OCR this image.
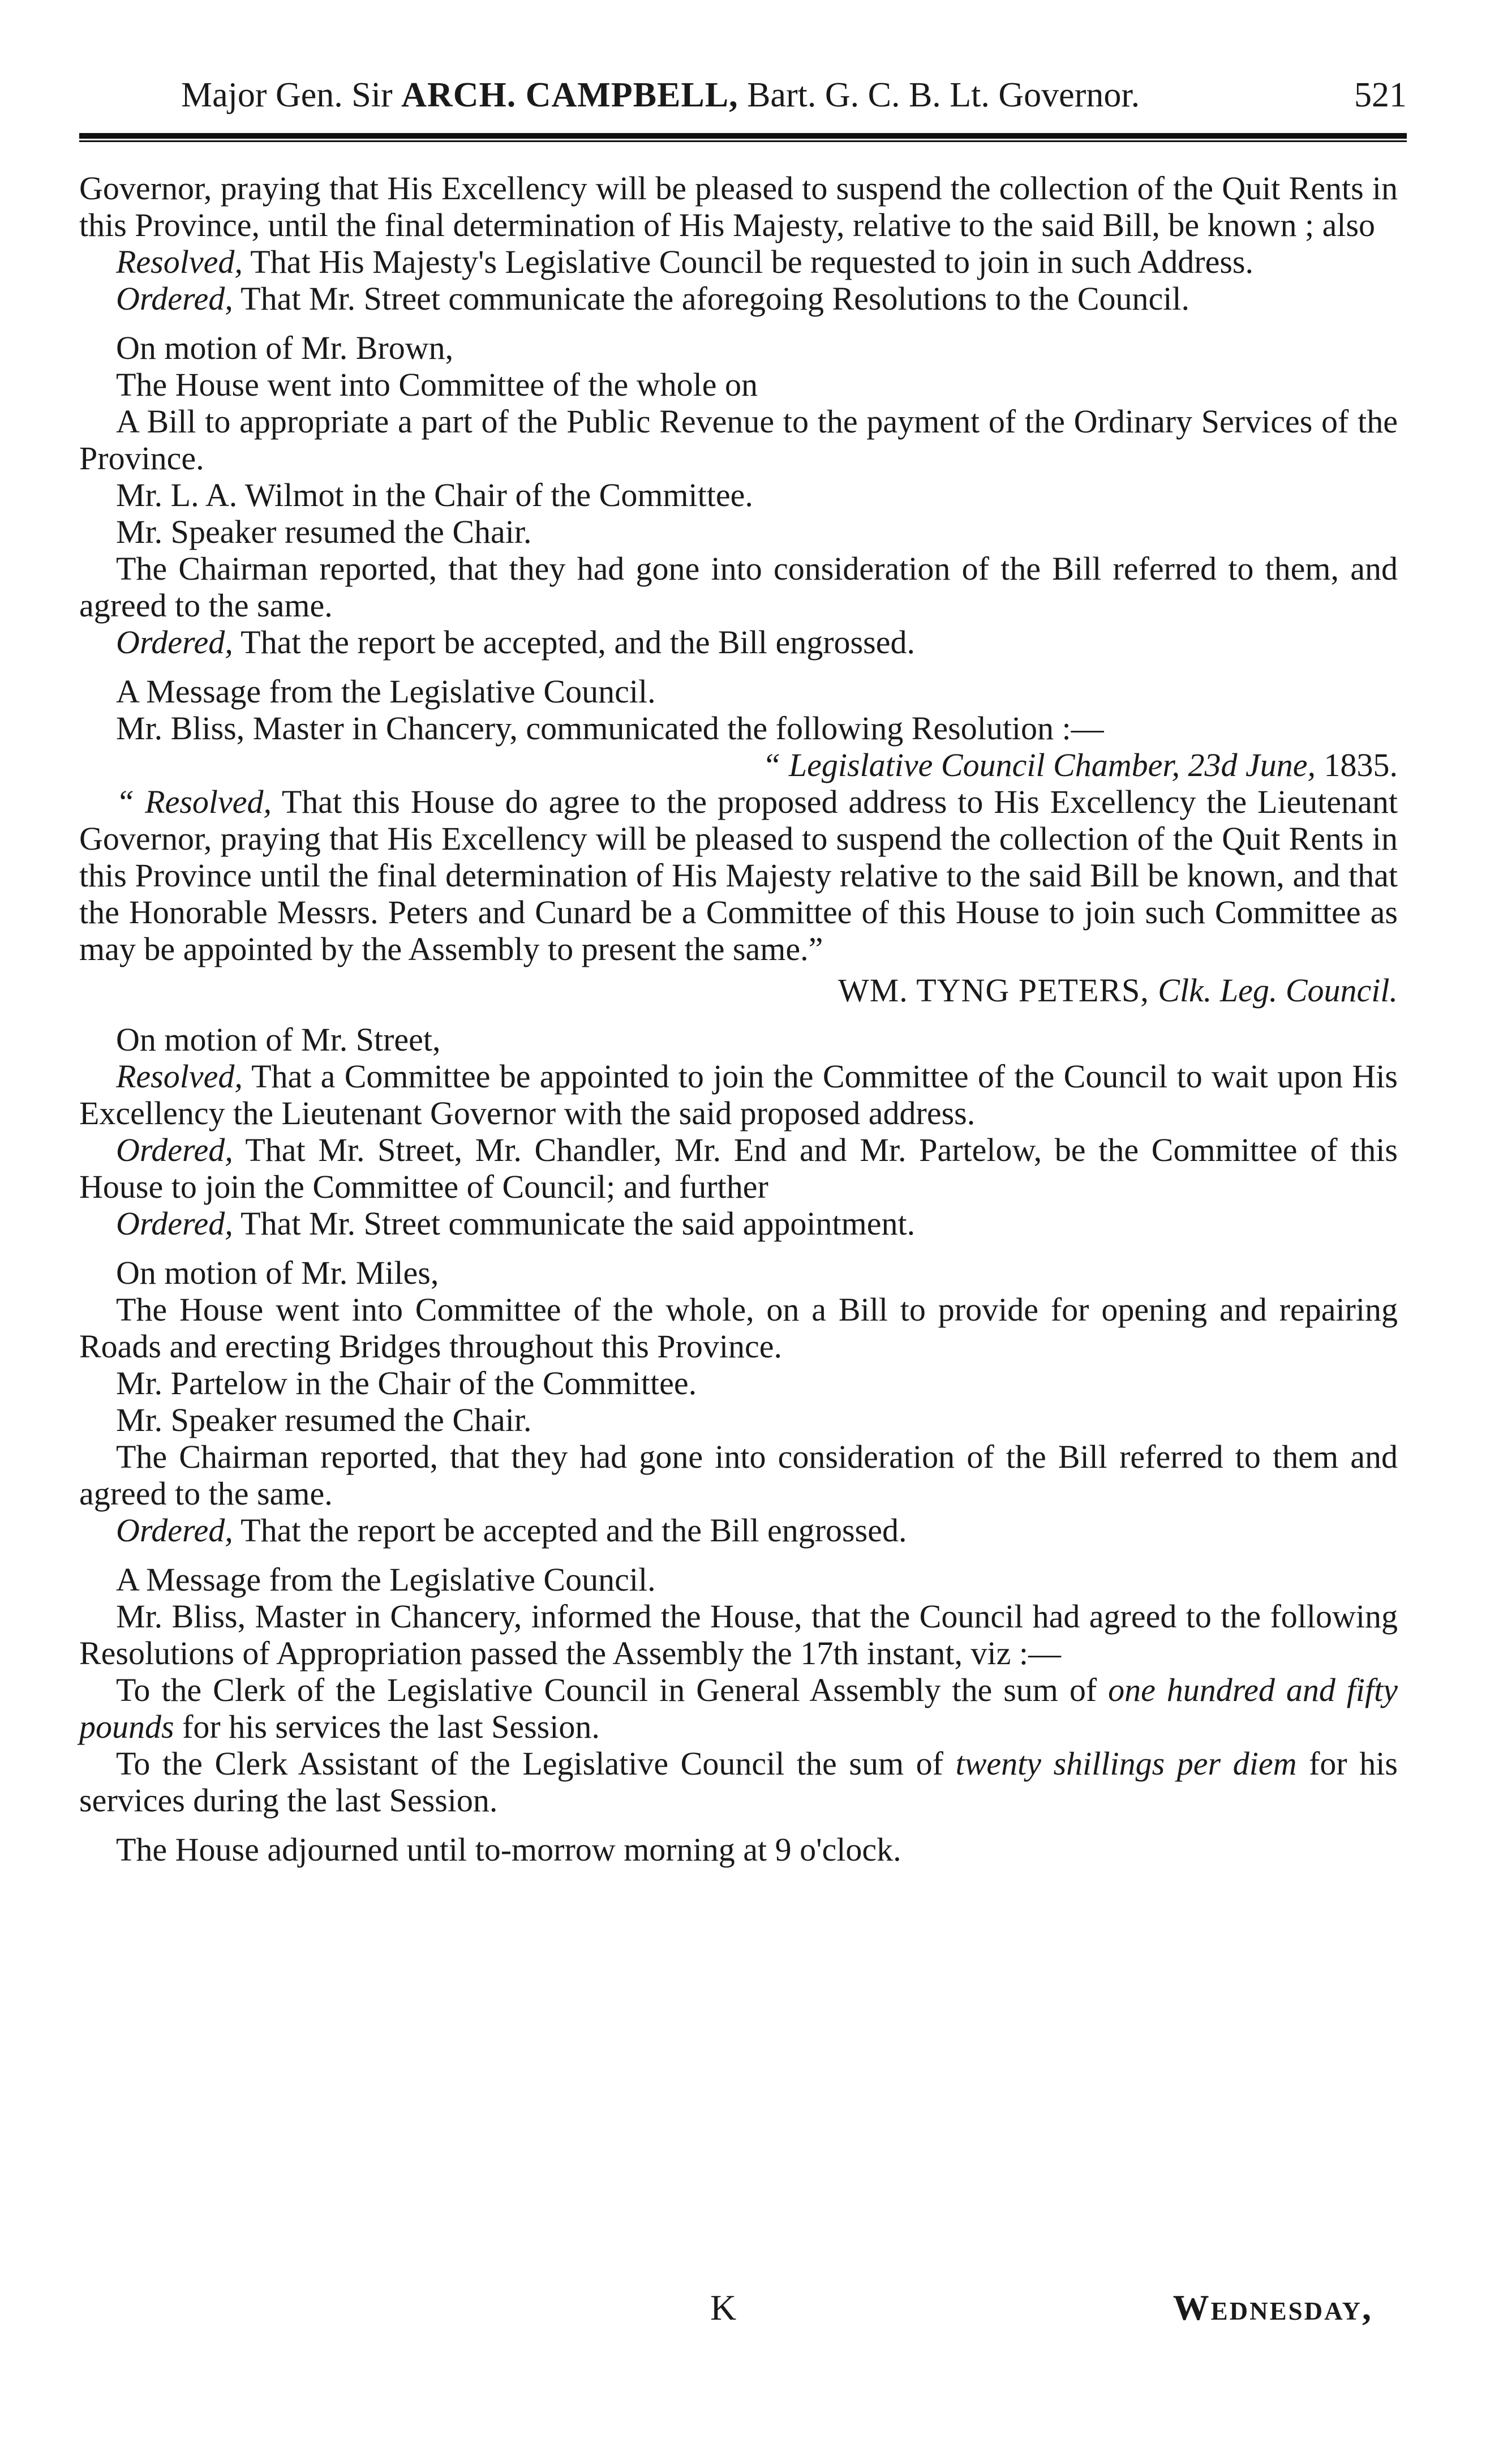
Major Gen. Sir ARCH. CAMPBELL, Bart. G. C. B. Lt. Governor.	521

Governor, praying that His Excellency will be pleased to suspend the collection of the Quit Rents in this Province, until the final determination of His Majesty, relative to the said Bill, be known ; also

Resolved, That His Majesty's Legislative Council be requested to join in such Address.

Ordered, That Mr. Street communicate the aforegoing Resolutions to the Council.

On motion of Mr. Brown,

The House went into Committee of the whole on

A Bill to appropriate a part of the Public Revenue to the payment of the Ordinary Services of the Province.

Mr. L. A. Wilmot in the Chair of the Committee.

Mr. Speaker resumed the Chair.

The Chairman reported, that they had gone into consideration of the Bill referred to them, and agreed to the same.

Ordered, That the report be accepted, and the Bill engrossed.

A Message from the Legislative Council.

Mr. Bliss, Master in Chancery, communicated the following Resolution :—

“ Legislative Council Chamber, 23d June, 1835.

“ Resolved, That this House do agree to the proposed address to His Excellency the Lieutenant Governor, praying that His Excellency will be pleased to suspend the collection of the Quit Rents in this Province until the final determination of His Majesty relative to the said Bill be known, and that the Honorable Messrs. Peters and Cunard be a Committee of this House to join such Committee as may be appointed by the Assembly to present the same.”

WM. TYNG PETERS, Clk. Leg. Council.

On motion of Mr. Street,

Resolved, That a Committee be appointed to join the Committee of the Council to wait upon His Excellency the Lieutenant Governor with the said proposed address.

Ordered, That Mr. Street, Mr. Chandler, Mr. End and Mr. Partelow, be the Committee of this House to join the Committee of Council; and further

Ordered, That Mr. Street communicate the said appointment.

On motion of Mr. Miles,

The House went into Committee of the whole, on a Bill to provide for opening and repairing Roads and erecting Bridges throughout this Province.

Mr. Partelow in the Chair of the Committee.

Mr. Speaker resumed the Chair.

The Chairman reported, that they had gone into consideration of the Bill referred to them and agreed to the same.

Ordered, That the report be accepted and the Bill engrossed.

A Message from the Legislative Council.

Mr. Bliss, Master in Chancery, informed the House, that the Council had agreed to the following Resolutions of Appropriation passed the Assembly the 17th instant, viz :—

To the Clerk of the Legislative Council in General Assembly the sum of one hundred and fifty pounds for his services the last Session.

To the Clerk Assistant of the Legislative Council the sum of twenty shillings per diem for his services during the last Session.

The House adjourned until to-morrow morning at 9 o'clock.

K	Wednesday,
